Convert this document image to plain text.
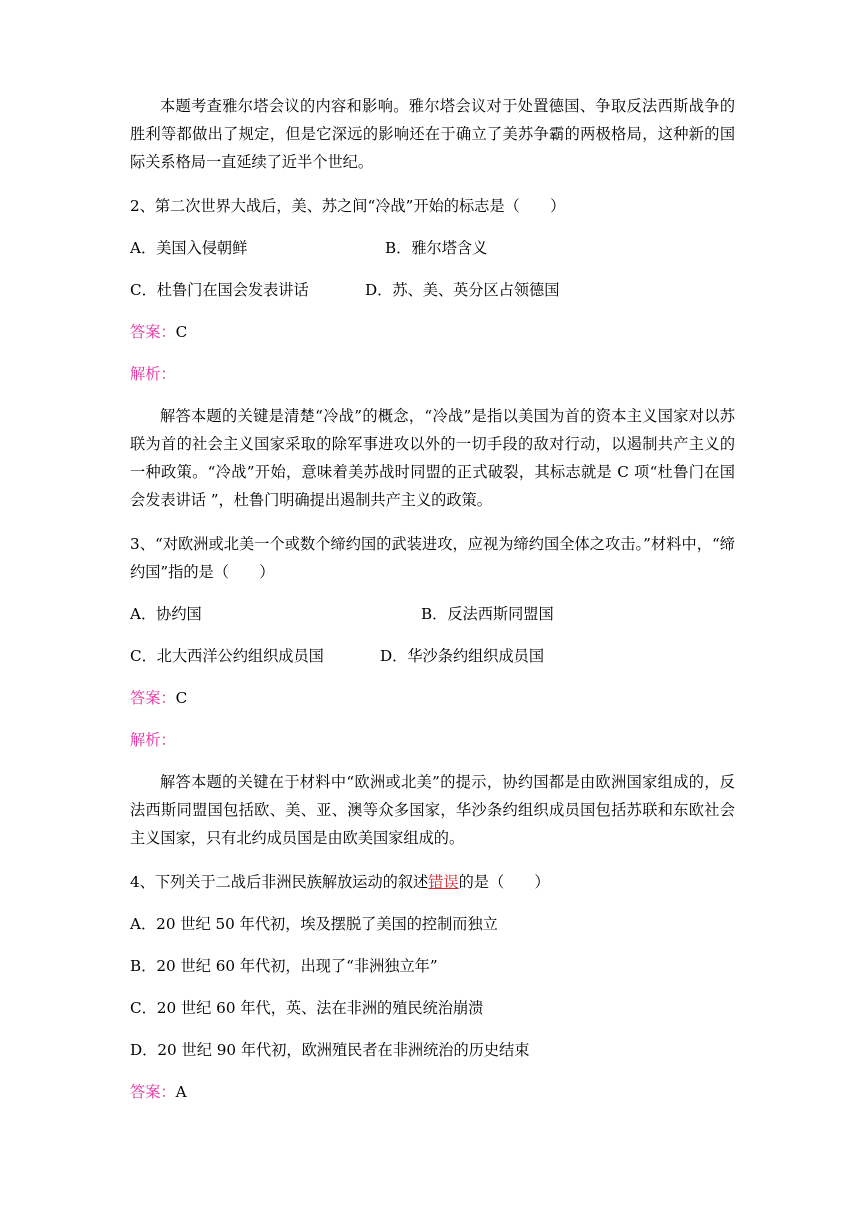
本题考查雅尔塔会议的内容和影响。雅尔塔会议对于处置德国、争取反法西斯战争的胜利等都做出了规定，但是它深远的影响还在于确立了美苏争霸的两极格局，这种新的国际关系格局一直延续了近半个世纪。

2、第二次世界大战后，美、苏之间“冷战”开始的标志是（　　）

A．美国入侵朝鲜	B．雅尔塔含义
C．杜鲁门在国会发表讲话	D．苏、美、英分区占领德国

答案：C

解析：

解答本题的关键是清楚“冷战”的概念，“冷战”是指以美国为首的资本主义国家对以苏联为首的社会主义国家采取的除军事进攻以外的一切手段的敌对行动，以遏制共产主义的一种政策。“冷战”开始，意味着美苏战时同盟的正式破裂，其标志就是 C 项“杜鲁门在国会发表讲话 ”，杜鲁门明确提出遏制共产主义的政策。

3、“对欧洲或北美一个或数个缔约国的武装进攻，应视为缔约国全体之攻击。”材料中，“缔约国”指的是（　　）

A．协约国	B．反法西斯同盟国
C．北大西洋公约组织成员国	D．华沙条约组织成员国

答案：C

解析：

解答本题的关键在于材料中“欧洲或北美”的提示，协约国都是由欧洲国家组成的，反法西斯同盟国包括欧、美、亚、澳等众多国家，华沙条约组织成员国包括苏联和东欧社会主义国家，只有北约成员国是由欧美国家组成的。

4、下列关于二战后非洲民族解放运动的叙述错误的是（　　）

A．20 世纪 50 年代初，埃及摆脱了美国的控制而独立

B．20 世纪 60 年代初，出现了“非洲独立年”

C．20 世纪 60 年代，英、法在非洲的殖民统治崩溃

D．20 世纪 90 年代初，欧洲殖民者在非洲统治的历史结束

答案：A
